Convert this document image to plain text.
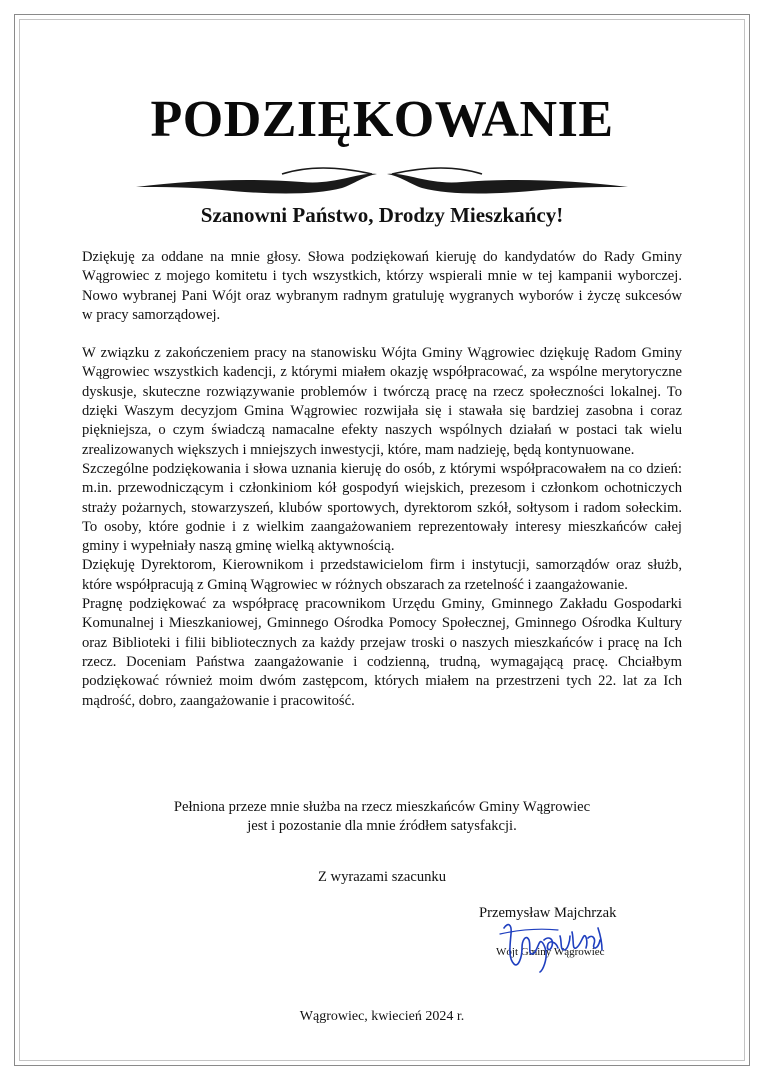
PODZIĘKOWANIE
Szanowni Państwo, Drodzy Mieszkańcy!

Dziękuję za oddane na mnie głosy. Słowa podziękowań kieruję do kandydatów do Rady Gminy Wągrowiec z mojego komitetu i tych wszystkich, którzy wspierali mnie w tej kampanii wyborczej. Nowo wybranej Pani Wójt oraz wybranym radnym gratuluję wygranych wyborów i życzę sukcesów w pracy samorządowej.

W związku z zakończeniem pracy na stanowisku Wójta Gminy Wągrowiec dziękuję Radom Gminy Wągrowiec wszystkich kadencji, z którymi miałem okazję współpracować, za wspólne merytoryczne dyskusje, skuteczne rozwiązywanie problemów i twórczą pracę na rzecz społeczności lokalnej. To dzięki Waszym decyzjom Gmina Wągrowiec rozwijała się i stawała się bardziej zasobna i coraz piękniejsza, o czym świadczą namacalne efekty naszych wspólnych działań w postaci tak wielu zrealizowanych większych i mniejszych inwestycji, które, mam nadzieję, będą kontynuowane.

Szczególne podziękowania i słowa uznania kieruję do osób, z którymi współpracowałem na co dzień: m.in. przewodniczącym i członkiniom kół gospodyń wiejskich, prezesom i członkom ochotniczych straży pożarnych, stowarzyszeń, klubów sportowych, dyrektorom szkół, sołtysom i radom sołeckim. To osoby, które godnie i z wielkim zaangażowaniem reprezentowały interesy mieszkańców całej gminy i wypełniały naszą gminę wielką aktywnością.

Dziękuję Dyrektorom, Kierownikom i przedstawicielom firm i instytucji, samorządów oraz służb, które współpracują z Gminą Wągrowiec w różnych obszarach za rzetelność i zaangażowanie.

Pragnę podziękować za współpracę pracownikom Urzędu Gminy, Gminnego Zakładu Gospodarki Komunalnej i Mieszkaniowej, Gminnego Ośrodka Pomocy Społecznej, Gminnego Ośrodka Kultury oraz Biblioteki i filii bibliotecznych za każdy przejaw troski o naszych mieszkańców i pracę na Ich rzecz. Doceniam Państwa zaangażowanie i codzienną, trudną, wymagającą pracę. Chciałbym podziękować również moim dwóm zastępcom, których miałem na przestrzeni tych 22. lat za Ich mądrość, dobro, zaangażowanie i pracowitość.

Pełniona przeze mnie służba na rzecz mieszkańców Gminy Wągrowiec
jest i pozostanie dla mnie źródłem satysfakcji.
Z wyrazami szacunku
Przemysław Majchrzak
Wójt Gminy Wągrowiec
Wągrowiec, kwiecień 2024 r.
